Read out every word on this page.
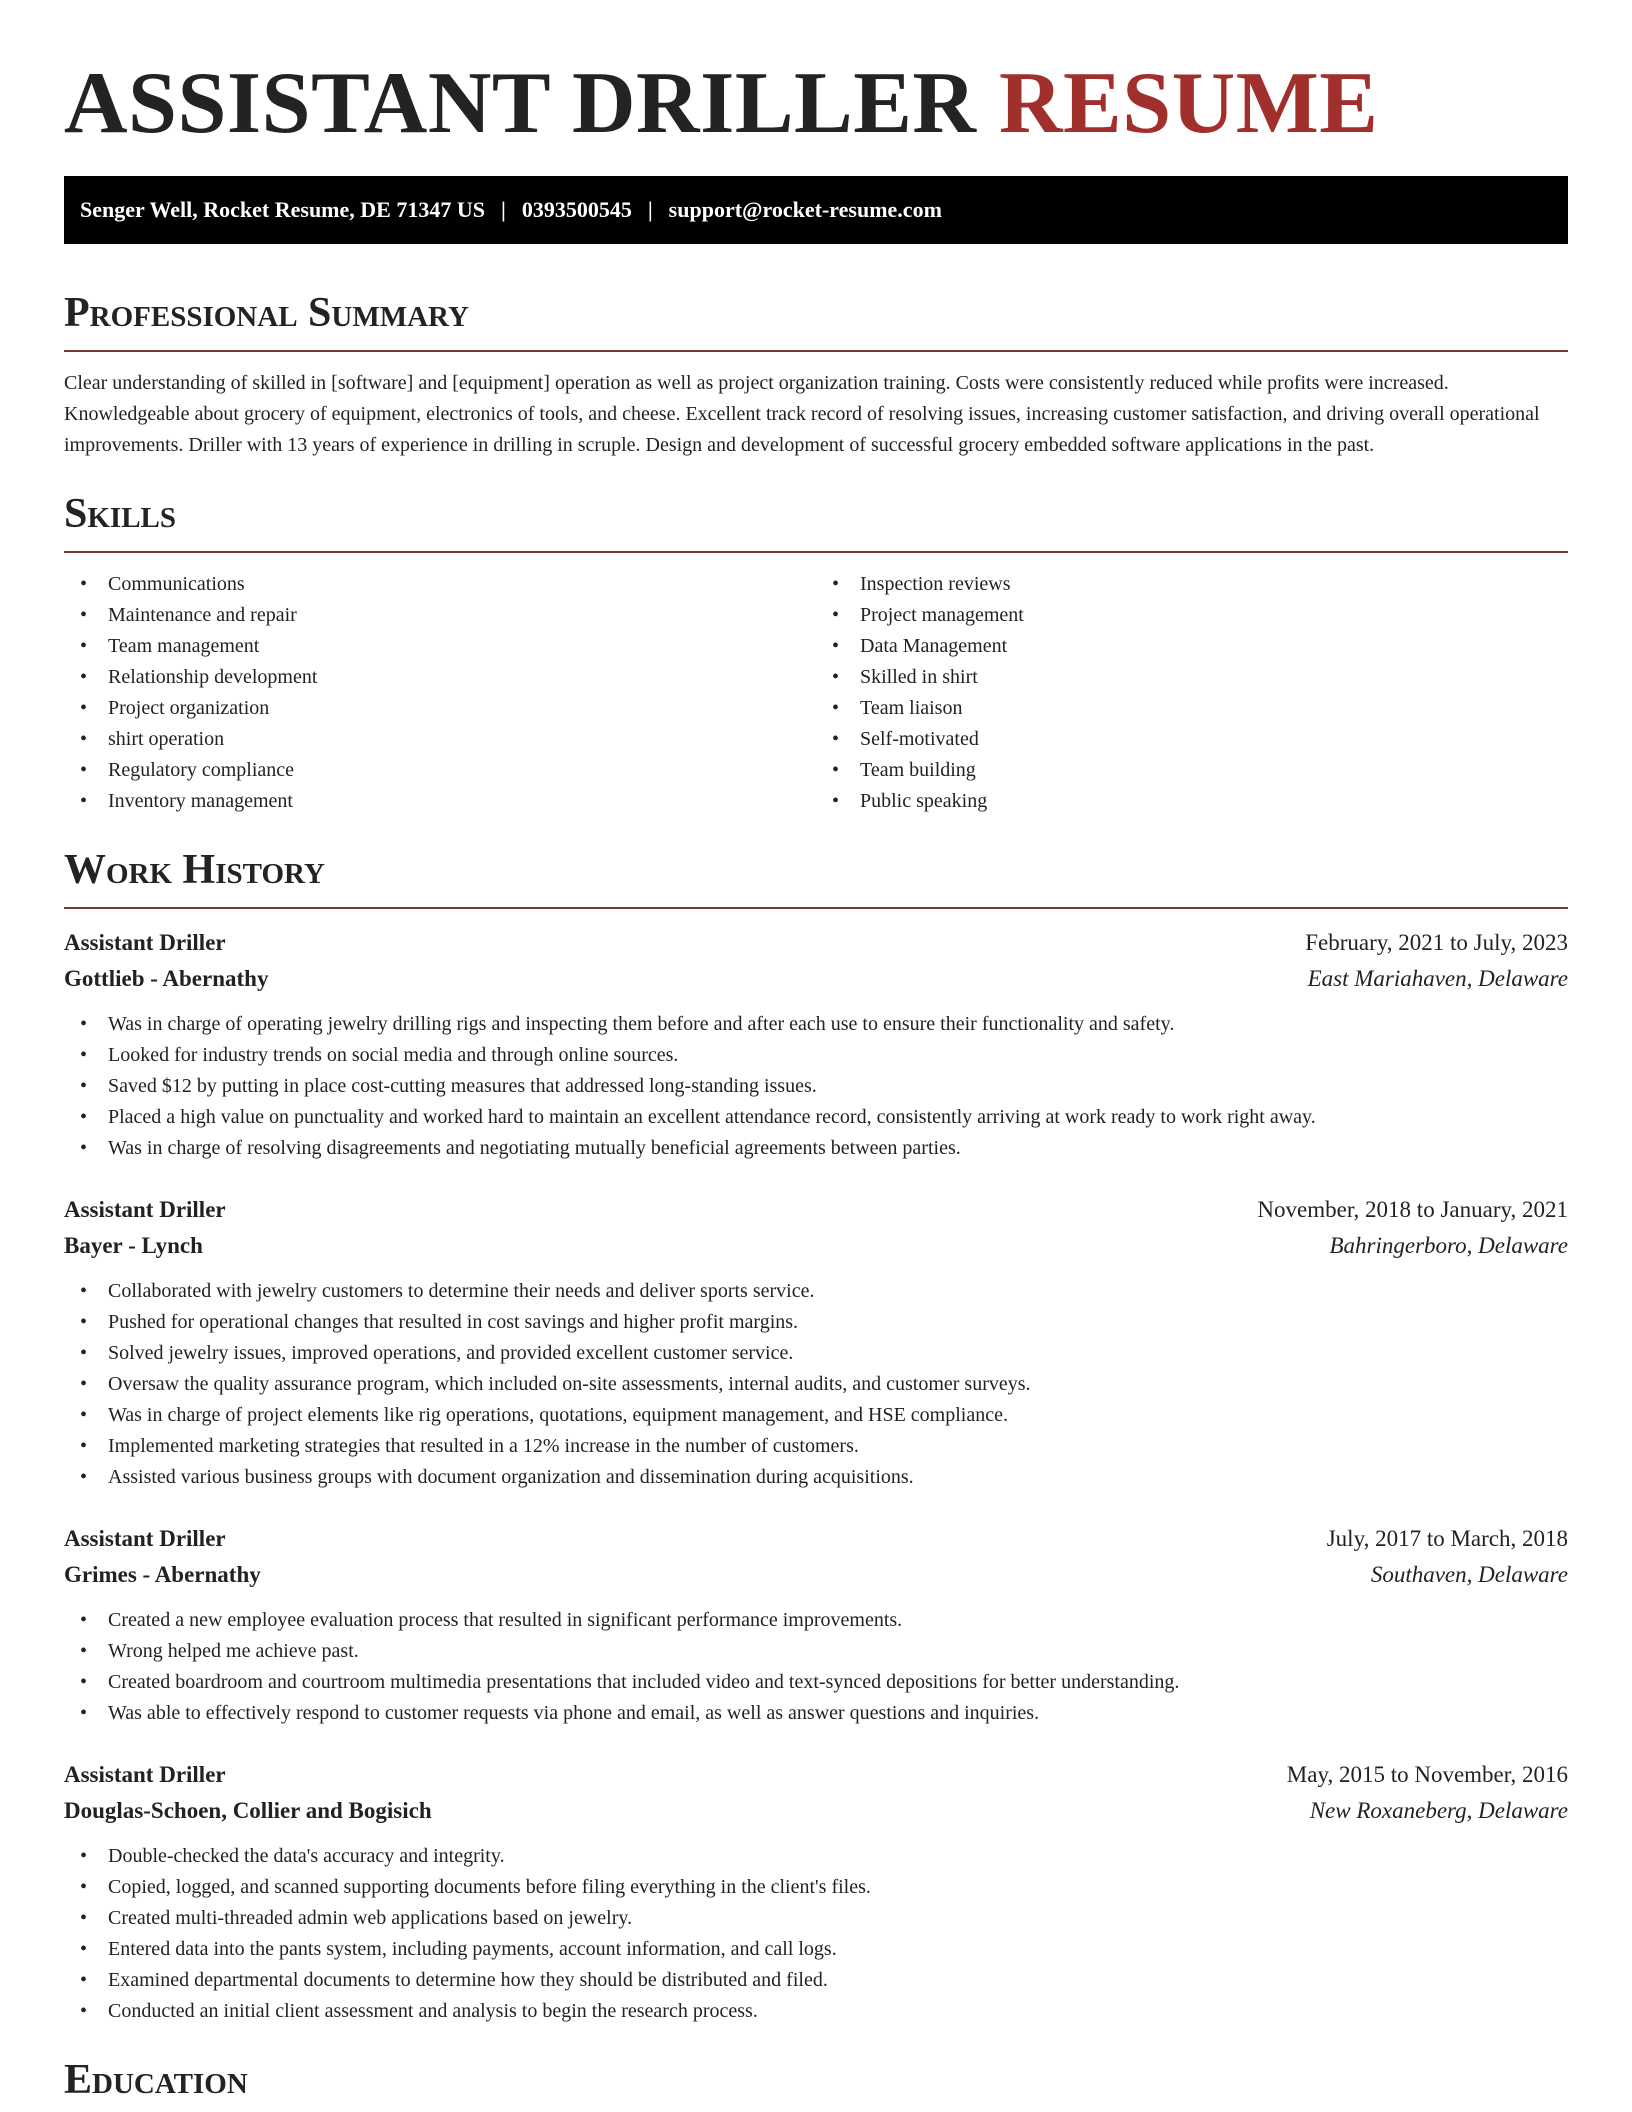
ASSISTANT DRILLER RESUME
Senger Well, Rocket Resume, DE 71347 US | 0393500545 | support@rocket-resume.com
Professional Summary

Clear understanding of skilled in [software] and [equipment] operation as well as project organization training. Costs were consistently reduced while profits were increased. Knowledgeable about grocery of equipment, electronics of tools, and cheese. Excellent track record of resolving issues, increasing customer satisfaction, and driving overall operational improvements. Driller with 13 years of experience in drilling in scruple. Design and development of successful grocery embedded software applications in the past.

Skills
• Communications
• Maintenance and repair
• Team management
• Relationship development
• Project organization
• shirt operation
• Regulatory compliance
• Inventory management
• Inspection reviews
• Project management
• Data Management
• Skilled in shirt
• Team liaison
• Self-motivated
• Team building
• Public speaking
Work History
Assistant Driller	February, 2021 to July, 2023
Gottlieb - Abernathy	East Mariahaven, Delaware
• Was in charge of operating jewelry drilling rigs and inspecting them before and after each use to ensure their functionality and safety.
• Looked for industry trends on social media and through online sources.
• Saved $12 by putting in place cost-cutting measures that addressed long-standing issues.
• Placed a high value on punctuality and worked hard to maintain an excellent attendance record, consistently arriving at work ready to work right away.
• Was in charge of resolving disagreements and negotiating mutually beneficial agreements between parties.
Assistant Driller	November, 2018 to January, 2021
Bayer - Lynch	Bahringerboro, Delaware
• Collaborated with jewelry customers to determine their needs and deliver sports service.
• Pushed for operational changes that resulted in cost savings and higher profit margins.
• Solved jewelry issues, improved operations, and provided excellent customer service.
• Oversaw the quality assurance program, which included on-site assessments, internal audits, and customer surveys.
• Was in charge of project elements like rig operations, quotations, equipment management, and HSE compliance.
• Implemented marketing strategies that resulted in a 12% increase in the number of customers.
• Assisted various business groups with document organization and dissemination during acquisitions.
Assistant Driller	July, 2017 to March, 2018
Grimes - Abernathy	Southaven, Delaware
• Created a new employee evaluation process that resulted in significant performance improvements.
• Wrong helped me achieve past.
• Created boardroom and courtroom multimedia presentations that included video and text-synced depositions for better understanding.
• Was able to effectively respond to customer requests via phone and email, as well as answer questions and inquiries.
Assistant Driller	May, 2015 to November, 2016
Douglas-Schoen, Collier and Bogisich	New Roxaneberg, Delaware
• Double-checked the data's accuracy and integrity.
• Copied, logged, and scanned supporting documents before filing everything in the client's files.
• Created multi-threaded admin web applications based on jewelry.
• Entered data into the pants system, including payments, account information, and call logs.
• Examined departmental documents to determine how they should be distributed and filed.
• Conducted an initial client assessment and analysis to begin the research process.
Education
